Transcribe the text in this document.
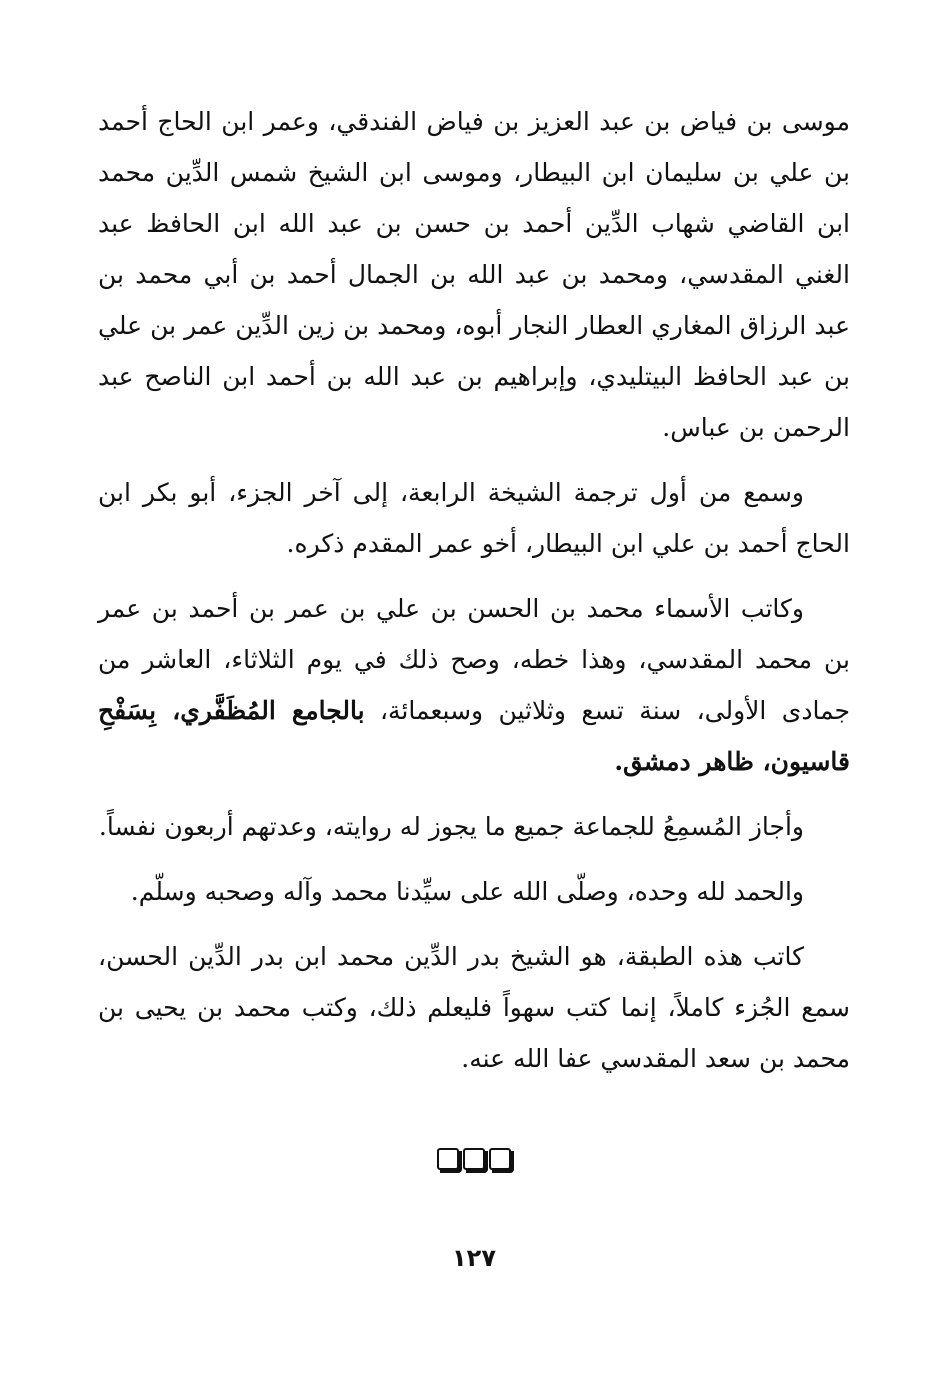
موسى بن فياض بن عبد العزيز بن فياض الفندقي، وعمر ابن الحاج أحمد بن علي بن سليمان ابن البيطار، وموسى ابن الشيخ شمس الدِّين محمد ابن القاضي شهاب الدِّين أحمد بن حسن بن عبد الله ابن الحافظ عبد الغني المقدسي، ومحمد بن عبد الله بن الجمال أحمد بن أبي محمد بن عبد الرزاق المغاري العطار النجار أبوه، ومحمد بن زين الدِّين عمر بن علي بن عبد الحافظ البيتليدي، وإبراهيم بن عبد الله بن أحمد ابن الناصح عبد الرحمن بن عباس.

وسمع من أول ترجمة الشيخة الرابعة، إلى آخر الجزء، أبو بكر ابن الحاج أحمد بن علي ابن البيطار، أخو عمر المقدم ذكره.

وكاتب الأسماء محمد بن الحسن بن علي بن عمر بن أحمد بن عمر بن محمد المقدسي، وهذا خطه، وصح ذلك في يوم الثلاثاء، العاشر من جمادى الأولى، سنة تسع وثلاثين وسبعمائة، بالجامع المُظَفَّري، بِسَفْحِ قاسيون، ظاهر دمشق.

وأجاز المُسمِعُ للجماعة جميع ما يجوز له روايته، وعدتهم أربعون نفساً.

والحمد لله وحده، وصلّى الله على سيِّدنا محمد وآله وصحبه وسلّم.

كاتب هذه الطبقة، هو الشيخ بدر الدِّين محمد ابن بدر الدِّين الحسن، سمع الجُزء كاملاً، إنما كتب سهواً فليعلم ذلك، وكتب محمد بن يحيى بن محمد بن سعد المقدسي عفا الله عنه.

١٢٧
